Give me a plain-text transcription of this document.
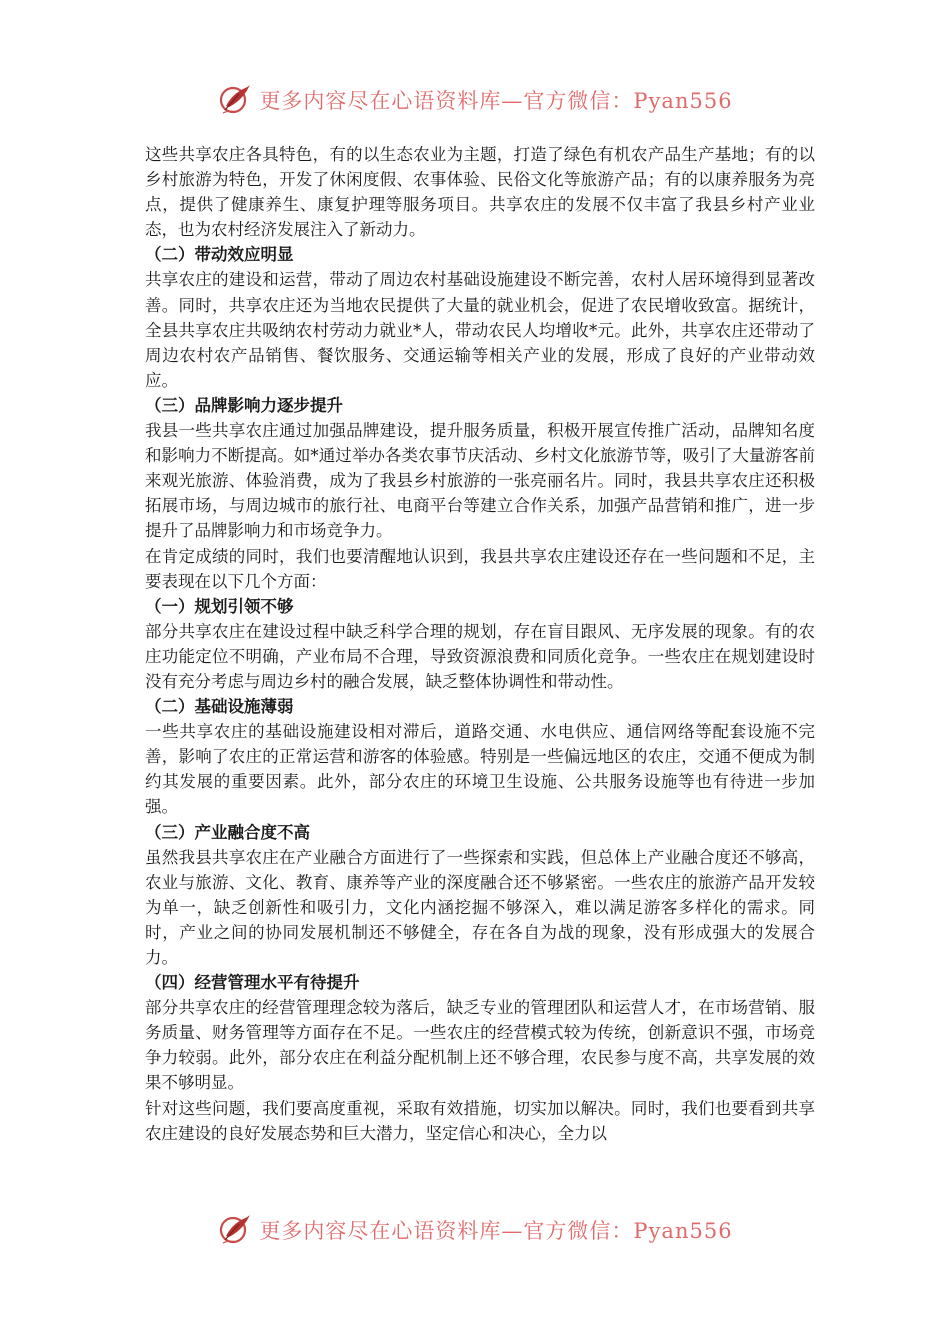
更多内容尽在心语资料库—官方微信：Pyan556

这些共享农庄各具特色，有的以生态农业为主题，打造了绿色有机农产品生产基地；有的以乡村旅游为特色，开发了休闲度假、农事体验、民俗文化等旅游产品；有的以康养服务为亮点，提供了健康养生、康复护理等服务项目。共享农庄的发展不仅丰富了我县乡村产业业态，也为农村经济发展注入了新动力。

（二）带动效应明显

共享农庄的建设和运营，带动了周边农村基础设施建设不断完善，农村人居环境得到显著改善。同时，共享农庄还为当地农民提供了大量的就业机会，促进了农民增收致富。据统计，全县共享农庄共吸纳农村劳动力就业*人，带动农民人均增收*元。此外，共享农庄还带动了周边农村农产品销售、餐饮服务、交通运输等相关产业的发展，形成了良好的产业带动效应。

（三）品牌影响力逐步提升

我县一些共享农庄通过加强品牌建设，提升服务质量，积极开展宣传推广活动，品牌知名度和影响力不断提高。如*通过举办各类农事节庆活动、乡村文化旅游节等，吸引了大量游客前来观光旅游、体验消费，成为了我县乡村旅游的一张亮丽名片。同时，我县共享农庄还积极拓展市场，与周边城市的旅行社、电商平台等建立合作关系，加强产品营销和推广，进一步提升了品牌影响力和市场竞争力。

在肯定成绩的同时，我们也要清醒地认识到，我县共享农庄建设还存在一些问题和不足，主要表现在以下几个方面：

（一）规划引领不够

部分共享农庄在建设过程中缺乏科学合理的规划，存在盲目跟风、无序发展的现象。有的农庄功能定位不明确，产业布局不合理，导致资源浪费和同质化竞争。一些农庄在规划建设时没有充分考虑与周边乡村的融合发展，缺乏整体协调性和带动性。

（二）基础设施薄弱

一些共享农庄的基础设施建设相对滞后，道路交通、水电供应、通信网络等配套设施不完善，影响了农庄的正常运营和游客的体验感。特别是一些偏远地区的农庄，交通不便成为制约其发展的重要因素。此外，部分农庄的环境卫生设施、公共服务设施等也有待进一步加强。

（三）产业融合度不高

虽然我县共享农庄在产业融合方面进行了一些探索和实践，但总体上产业融合度还不够高，农业与旅游、文化、教育、康养等产业的深度融合还不够紧密。一些农庄的旅游产品开发较为单一，缺乏创新性和吸引力，文化内涵挖掘不够深入，难以满足游客多样化的需求。同时，产业之间的协同发展机制还不够健全，存在各自为战的现象，没有形成强大的发展合力。

（四）经营管理水平有待提升

部分共享农庄的经营管理理念较为落后，缺乏专业的管理团队和运营人才，在市场营销、服务质量、财务管理等方面存在不足。一些农庄的经营模式较为传统，创新意识不强，市场竞争力较弱。此外，部分农庄在利益分配机制上还不够合理，农民参与度不高，共享发展的效果不够明显。

针对这些问题，我们要高度重视，采取有效措施，切实加以解决。同时，我们也要看到共享农庄建设的良好发展态势和巨大潜力，坚定信心和决心，全力以

更多内容尽在心语资料库—官方微信：Pyan556
